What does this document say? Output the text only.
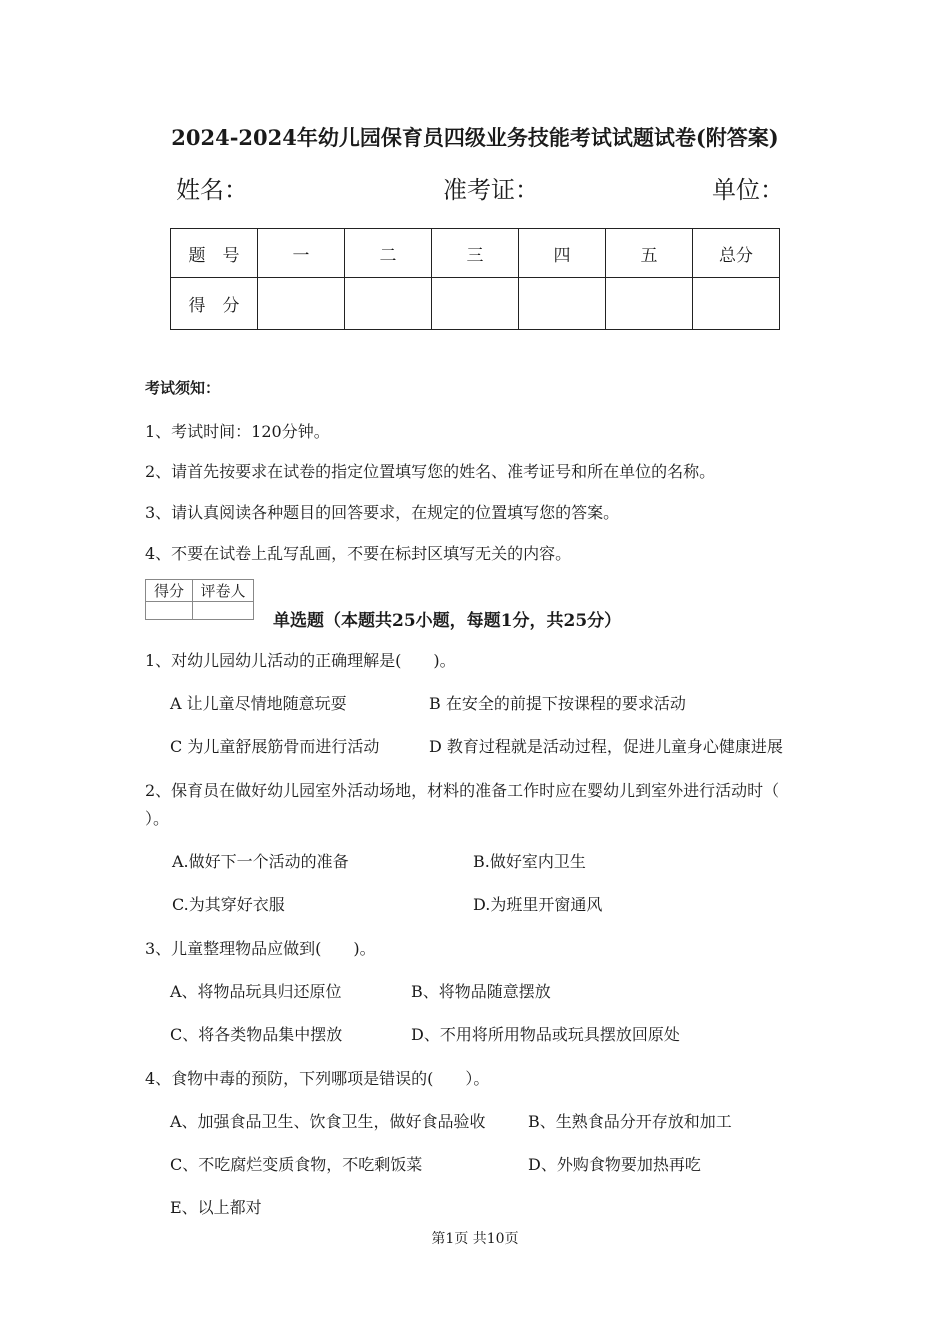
2024-2024年幼儿园保育员四级业务技能考试试题试卷(附答案)
姓名：	准考证：	单位：
题　号	一	二	三	四	五	总分
得　分						
考试须知：
1、考试时间：120分钟。
2、请首先按要求在试卷的指定位置填写您的姓名、准考证号和所在单位的名称。
3、请认真阅读各种题目的回答要求，在规定的位置填写您的答案。
4、不要在试卷上乱写乱画，不要在标封区填写无关的内容。
得分	评卷人

单选题（本题共25小题，每题1分，共25分）
1、对幼儿园幼儿活动的正确理解是(　　)。
A 让儿童尽情地随意玩耍	B 在安全的前提下按课程的要求活动
C 为儿童舒展筋骨而进行活动	D 教育过程就是活动过程，促进儿童身心健康进展
2、保育员在做好幼儿园室外活动场地，材料的准备工作时应在婴幼儿到室外进行活动时（
）。
A.做好下一个活动的准备	B.做好室内卫生
C.为其穿好衣服	D.为班里开窗通风
3、儿童整理物品应做到(　　)。
A、将物品玩具归还原位	B、将物品随意摆放
C、将各类物品集中摆放	D、不用将所用物品或玩具摆放回原处
4、食物中毒的预防，下列哪项是错误的(　　）。
A、加强食品卫生、饮食卫生，做好食品验收	B、生熟食品分开存放和加工
C、不吃腐烂变质食物，不吃剩饭菜	D、外购食物要加热再吃
E、以上都对
第1页 共10页
